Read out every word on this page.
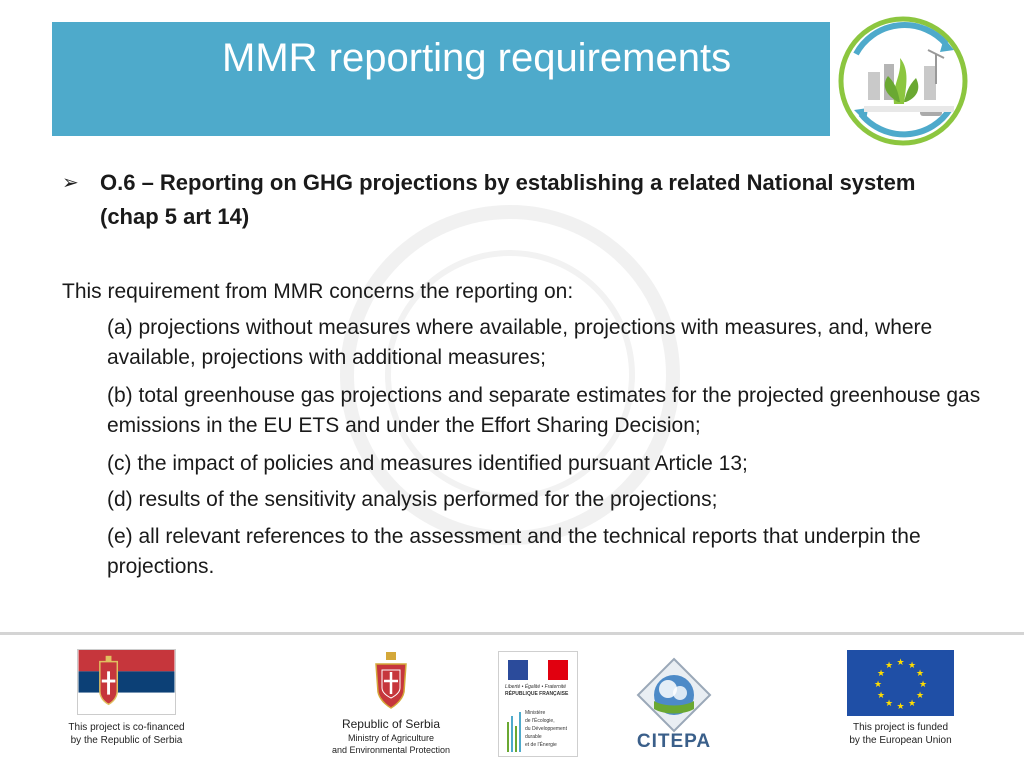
MMR reporting requirements
➢ O.6 – Reporting on GHG projections by establishing a related National system (chap 5 art 14)
This requirement from MMR concerns the reporting on:
(a) projections without measures where available, projections with measures, and, where available, projections with additional measures;
(b) total greenhouse gas projections and separate estimates for the projected greenhouse gas emissions in the EU ETS and under the Effort Sharing Decision;
(c) the impact of policies and measures identified pursuant Article 13;
(d) results of the sensitivity analysis performed for the projections;
(e) all relevant references to the assessment and the technical reports that underpin the projections.
This project is co-financed
by the Republic of Serbia
Republic of Serbia
Ministry of Agriculture
and Environmental Protection
Liberté • Égalité • Fraternité
RÉPUBLIQUE FRANÇAISE
Ministère
de l'Écologie,
du Développement
durable
et de l'Énergie	CITEPA
★ ★
★
★
★
★
★
★
★
★
★
★
This project is funded
by the European Union
